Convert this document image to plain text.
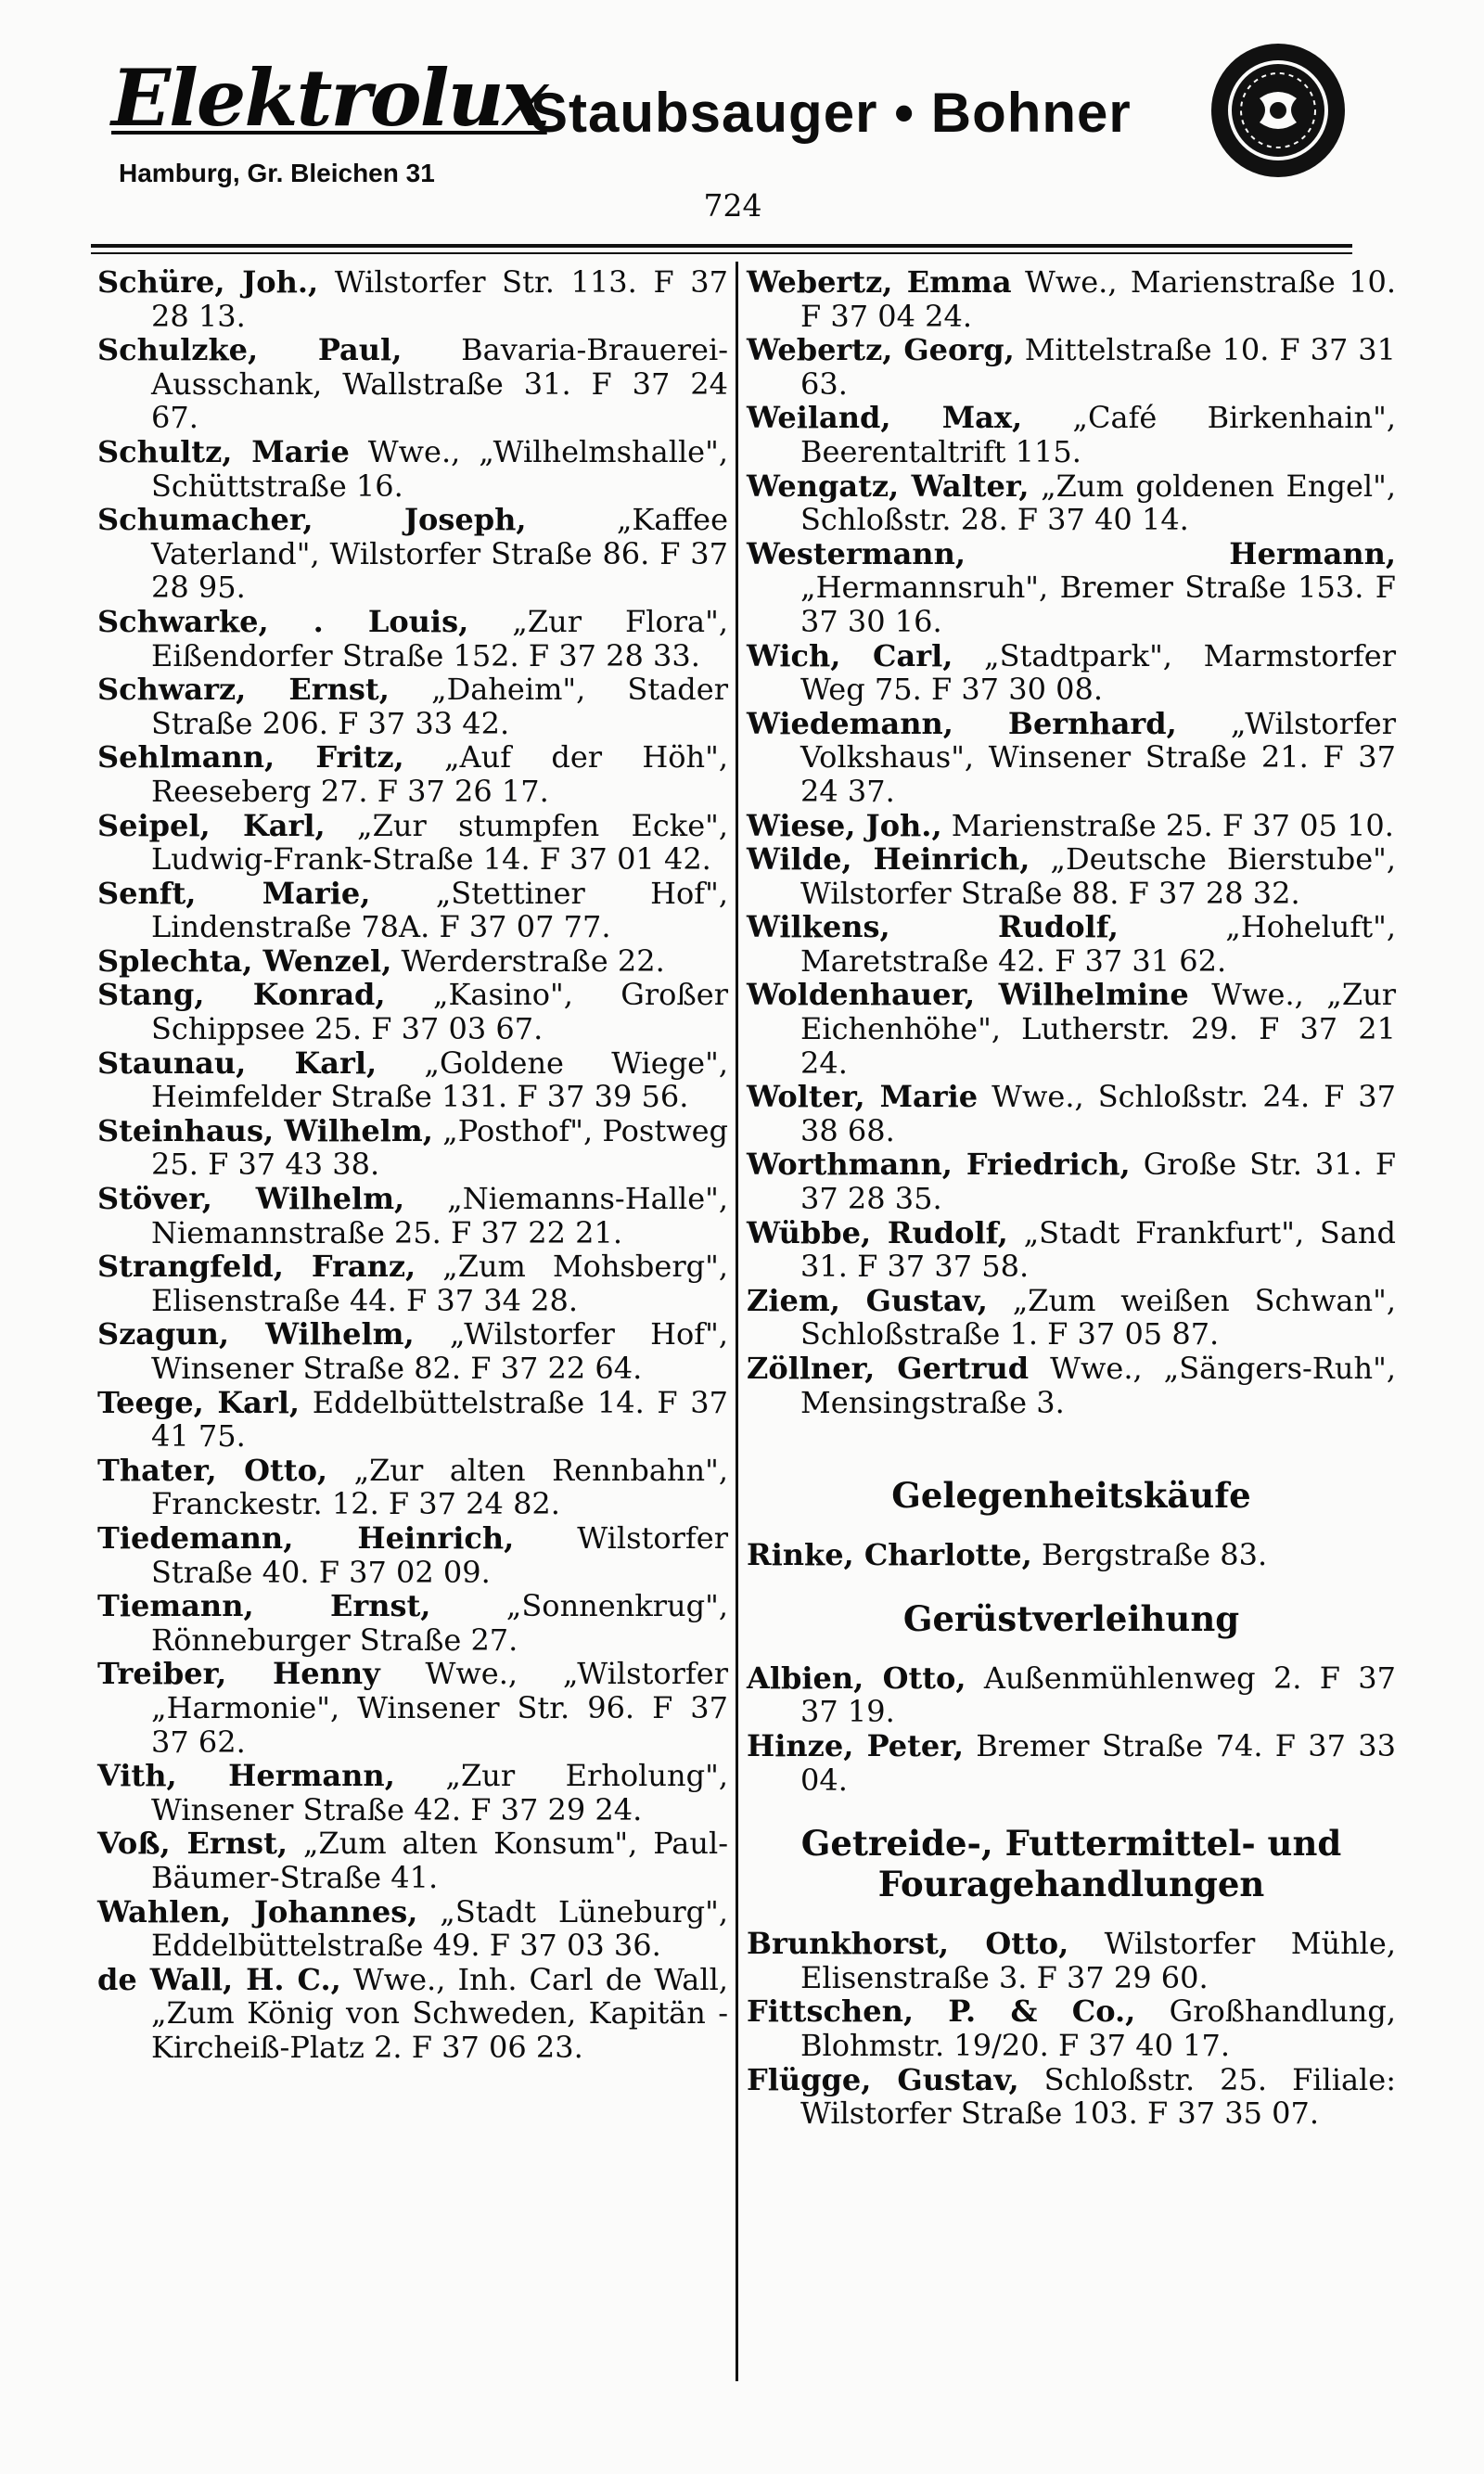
Elektrolux
Hamburg, Gr. Bleichen 31
Staubsauger • Bohner
724
Schüre, Joh., Wilstorfer Str. 113. F 37 28 13.
Schulzke, Paul, Bavaria-Brauerei-Ausschank, Wallstraße 31. F 37 24 67.
Schultz, Marie Wwe., „Wilhelmshalle", Schüttstraße 16.
Schumacher, Joseph,	„Kaffee Vaterland", Wilstorfer Straße 86. F 37 28 95.
Schwarke, . Louis, „Zur Flora", Eißendorfer Straße 152. F 37 28 33.
Schwarz, Ernst, „Daheim", Stader Straße 206. F 37 33 42.
Sehlmann, Fritz, „Auf der Höh", Reeseberg 27. F 37 26 17.
Seipel, Karl, „Zur stumpfen Ecke", Ludwig-Frank-Straße 14. F 37 01 42.
Senft, Marie, „Stettiner Hof", Lindenstraße 78A. F 37 07 77.
Splechta, Wenzel, Werderstraße 22.
Stang, Konrad, „Kasino", Großer Schippsee 25. F 37 03 67.
Staunau, Karl, „Goldene Wiege", Heimfelder Straße 131. F 37 39 56.
Steinhaus, Wilhelm, „Posthof", Postweg 25. F 37 43 38.
Stöver, Wilhelm, „Niemanns-Halle", Niemannstraße 25. F 37 22 21.
Strangfeld, Franz, „Zum Mohsberg", Elisenstraße 44. F 37 34 28.
Szagun, Wilhelm, „Wilstorfer Hof", Winsener Straße 82. F 37 22 64.
Teege, Karl, Eddelbüttelstraße 14. F 37 41 75.
Thater, Otto, „Zur alten Rennbahn", Franckestr. 12. F 37 24 82.
Tiedemann, Heinrich, Wilstorfer Straße 40. F 37 02 09.
Tiemann, Ernst,	„Sonnenkrug", Rönneburger Straße 27.
Treiber, Henny Wwe., „Wilstorfer „Harmonie", Winsener Str. 96. F 37 37 62.
Vith, Hermann, „Zur Erholung", Winsener Straße 42. F 37 29 24.
Voß, Ernst, „Zum alten Konsum", Paul-Bäumer-Straße 41.
Wahlen, Johannes, „Stadt Lüneburg", Eddelbüttelstraße 49. F 37 03 36.
de Wall, H. C., Wwe., Inh. Carl de Wall, „Zum König von Schweden, Kapitän - Kircheiß-Platz 2. F 37 06 23.
Webertz, Emma Wwe., Marienstraße 10. F 37 04 24.
Webertz, Georg, Mittelstraße 10. F 37 31 63.
Weiland, Max, „Café Birkenhain", Beerentaltrift 115.
Wengatz, Walter, „Zum goldenen Engel", Schloßstr. 28. F 37 40 14.
Westermann, Hermann, „Hermannsruh", Bremer Straße 153. F 37 30 16.
Wich, Carl, „Stadtpark", Marmstorfer Weg 75. F 37 30 08.
Wiedemann, Bernhard, „Wilstorfer Volkshaus", Winsener Straße 21. F 37 24 37.
Wiese, Joh., Marienstraße 25. F 37 05 10.
Wilde, Heinrich, „Deutsche Bierstube", Wilstorfer Straße 88. F 37 28 32.
Wilkens, Rudolf,	„Hoheluft", Maretstraße 42. F 37 31 62.
Woldenhauer, Wilhelmine Wwe., „Zur Eichenhöhe", Lutherstr. 29. F 37 21 24.
Wolter, Marie Wwe., Schloßstr. 24. F 37 38 68.
Worthmann, Friedrich, Große Str. 31. F 37 28 35.
Wübbe, Rudolf, „Stadt Frankfurt", Sand 31. F 37 37 58.
Ziem, Gustav, „Zum weißen Schwan", Schloßstraße 1. F 37 05 87.
Zöllner, Gertrud Wwe., „Sängers-Ruh", Mensingstraße 3.
Gelegenheitskäufe
Rinke, Charlotte, Bergstraße 83.
Gerüstverleihung
Albien, Otto, Außenmühlenweg 2. F 37 37 19.
Hinze, Peter, Bremer Straße 74. F 37 33 04.
Getreide-, Futtermittel- und Fouragehandlungen
Brunkhorst, Otto, Wilstorfer Mühle, Elisenstraße 3. F 37 29 60.
Fittschen, P. & Co., Großhandlung, Blohmstr. 19/20. F 37 40 17.
Flügge, Gustav, Schloßstr. 25. Filiale: Wilstorfer Straße 103. F 37 35 07.
